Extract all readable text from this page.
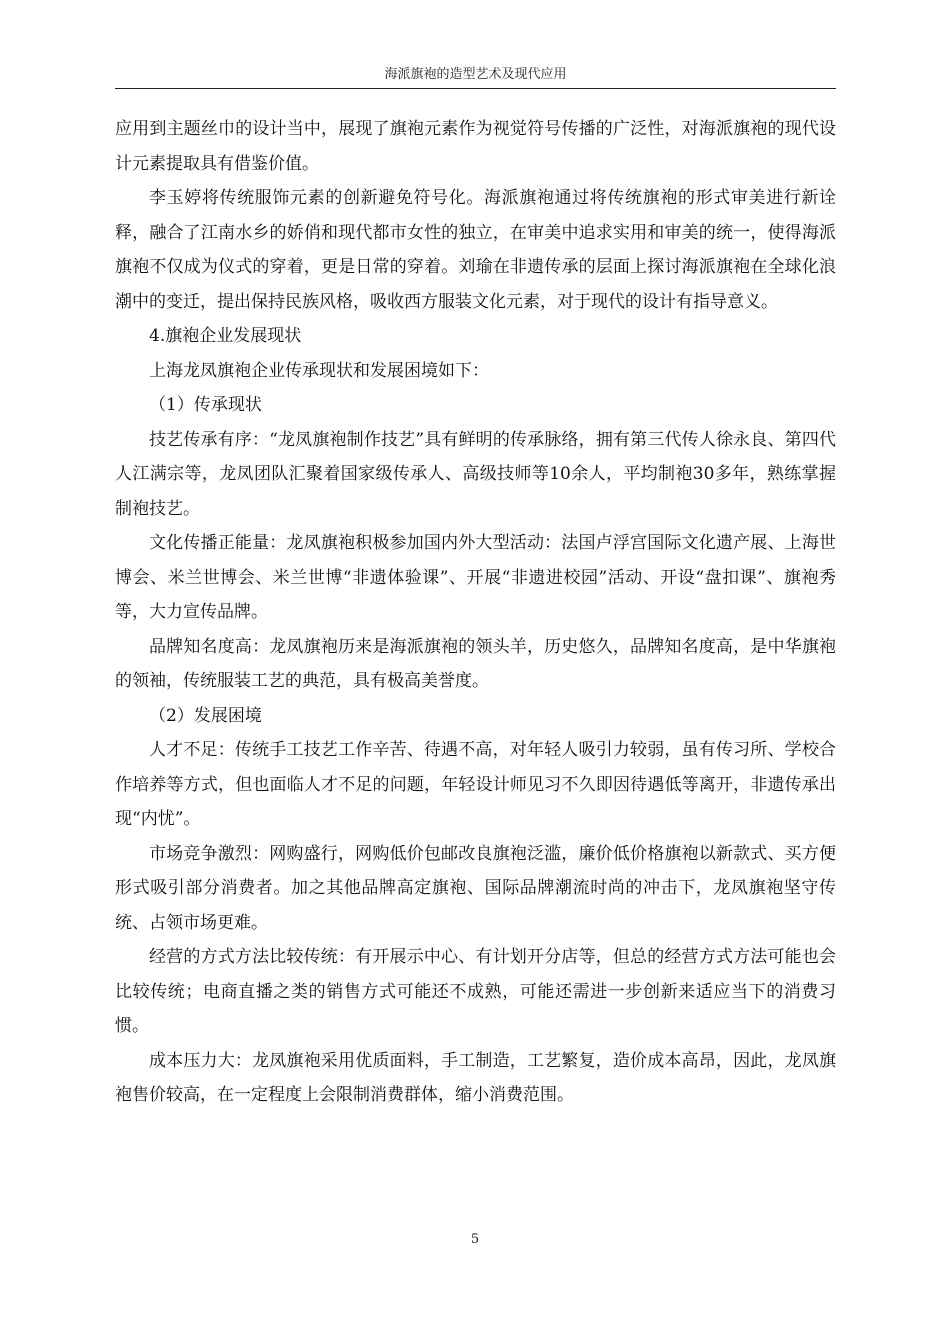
海派旗袍的造型艺术及现代应用

应用到主题丝巾的设计当中，展现了旗袍元素作为视觉符号传播的广泛性，对海派旗袍的现代设计元素提取具有借鉴价值。

李玉婷将传统服饰元素的创新避免符号化。海派旗袍通过将传统旗袍的形式审美进行新诠释，融合了江南水乡的娇俏和现代都市女性的独立，在审美中追求实用和审美的统一，使得海派旗袍不仅成为仪式的穿着，更是日常的穿着。刘瑜在非遗传承的层面上探讨海派旗袍在全球化浪潮中的变迁，提出保持民族风格，吸收西方服装文化元素，对于现代的设计有指导意义。

4.旗袍企业发展现状

上海龙凤旗袍企业传承现状和发展困境如下：

（1）传承现状

技艺传承有序：“龙凤旗袍制作技艺”具有鲜明的传承脉络，拥有第三代传人徐永良、第四代人江满宗等，龙凤团队汇聚着国家级传承人、高级技师等10余人，平均制袍30多年，熟练掌握制袍技艺。

文化传播正能量：龙凤旗袍积极参加国内外大型活动：法国卢浮宫国际文化遗产展、上海世博会、米兰世博会、米兰世博“非遗体验课”、开展“非遗进校园”活动、开设“盘扣课”、旗袍秀等，大力宣传品牌。

品牌知名度高：龙凤旗袍历来是海派旗袍的领头羊，历史悠久，品牌知名度高，是中华旗袍的领袖，传统服装工艺的典范，具有极高美誉度。

（2）发展困境

人才不足：传统手工技艺工作辛苦、待遇不高，对年轻人吸引力较弱，虽有传习所、学校合作培养等方式，但也面临人才不足的问题，年轻设计师见习不久即因待遇低等离开，非遗传承出现“内忧”。

市场竞争激烈：网购盛行，网购低价包邮改良旗袍泛滥，廉价低价格旗袍以新款式、买方便形式吸引部分消费者。加之其他品牌高定旗袍、国际品牌潮流时尚的冲击下，龙凤旗袍坚守传统、占领市场更难。

经营的方式方法比较传统：有开展示中心、有计划开分店等，但总的经营方式方法可能也会比较传统；电商直播之类的销售方式可能还不成熟，可能还需进一步创新来适应当下的消费习惯。

成本压力大：龙凤旗袍采用优质面料，手工制造，工艺繁复，造价成本高昂，因此，龙凤旗袍售价较高，在一定程度上会限制消费群体，缩小消费范围。

5
